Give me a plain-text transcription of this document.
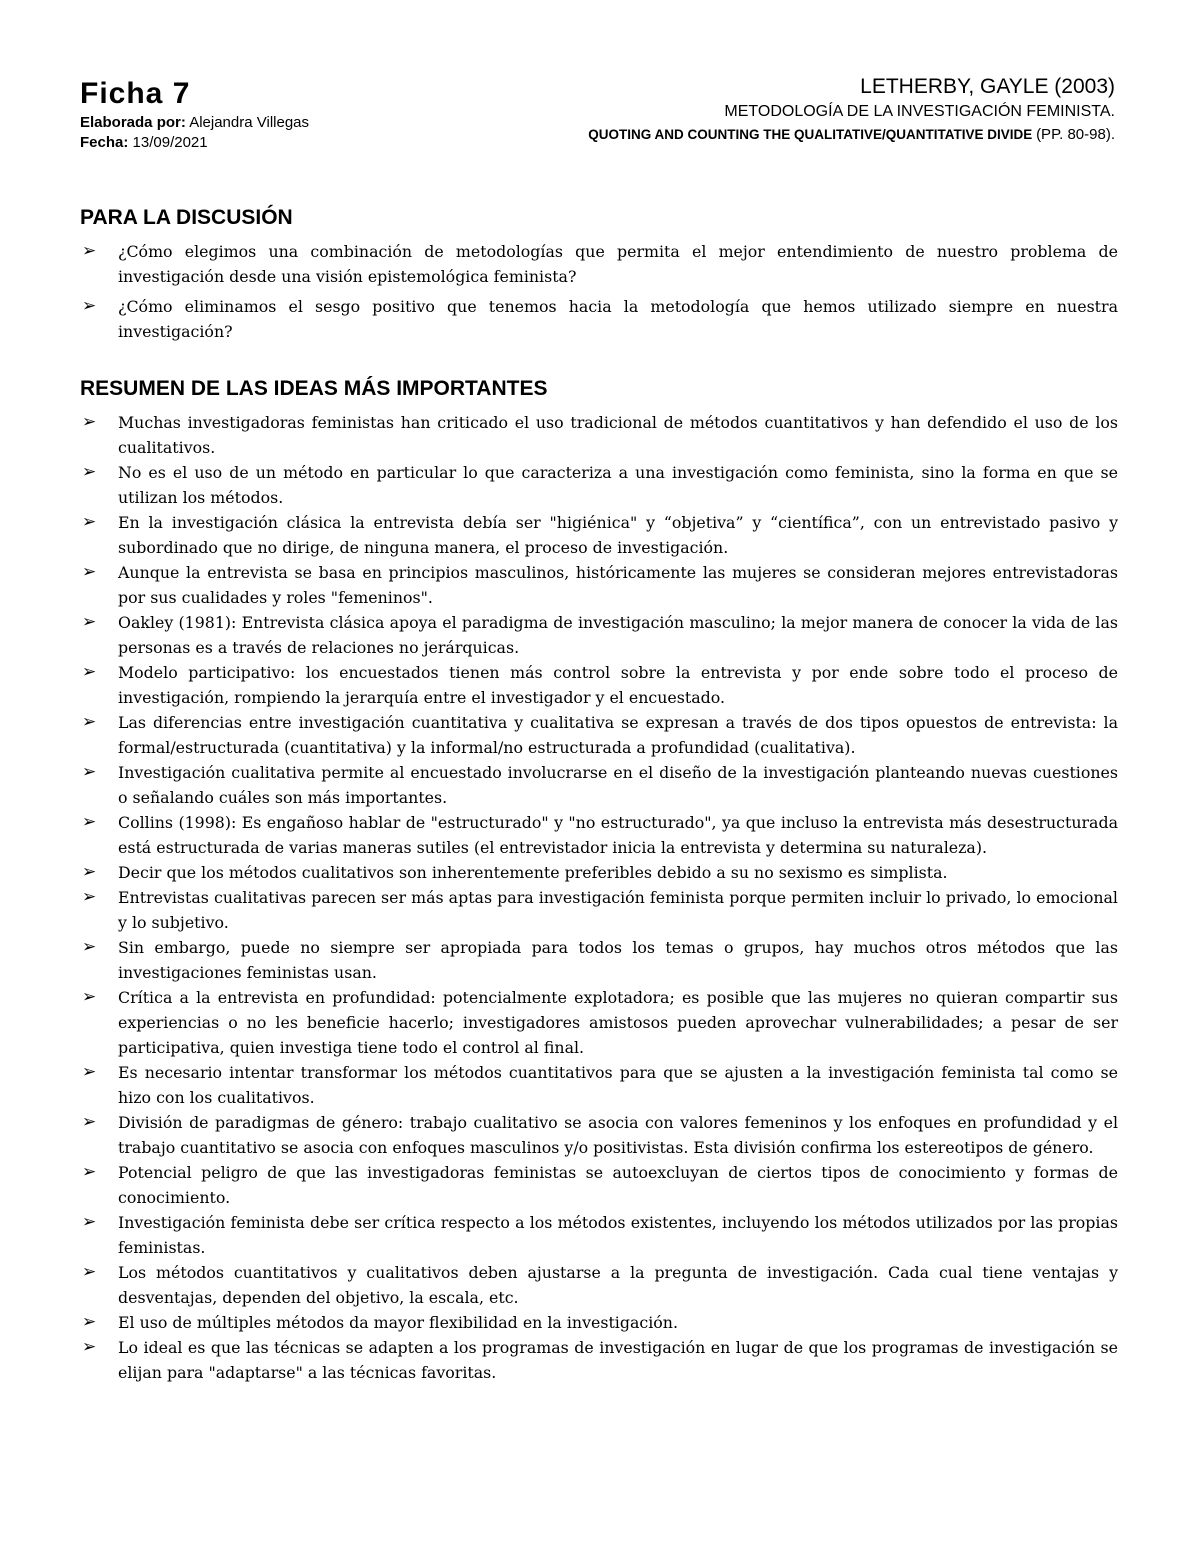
Ficha 7
Elaborada por: Alejandra Villegas
Fecha: 13/09/2021
LETHERBY, GAYLE (2003)
METODOLOGÍA DE LA INVESTIGACIÓN FEMINISTA.
QUOTING AND COUNTING THE QUALITATIVE/QUANTITATIVE DIVIDE (PP. 80-98).
PARA LA DISCUSIÓN
➢ ¿Cómo elegimos una combinación de metodologías que permita el mejor entendimiento de nuestro problema de investigación desde una visión epistemológica feminista?
➢ ¿Cómo eliminamos el sesgo positivo que tenemos hacia la metodología que hemos utilizado siempre en nuestra investigación?
RESUMEN DE LAS IDEAS MÁS IMPORTANTES
➢ Muchas investigadoras feministas han criticado el uso tradicional de métodos cuantitativos y han defendido el uso de los cualitativos.
➢ No es el uso de un método en particular lo que caracteriza a una investigación como feminista, sino la forma en que se utilizan los métodos.
➢ En la investigación clásica la entrevista debía ser "higiénica" y “objetiva” y “científica”, con un entrevistado pasivo y subordinado que no dirige, de ninguna manera, el proceso de investigación.
➢ Aunque la entrevista se basa en principios masculinos, históricamente las mujeres se consideran mejores entrevistadoras por sus cualidades y roles "femeninos".
➢ Oakley (1981): Entrevista clásica apoya el paradigma de investigación masculino; la mejor manera de conocer la vida de las personas es a través de relaciones no jerárquicas.
➢ Modelo participativo: los encuestados tienen más control sobre la entrevista y por ende sobre todo el proceso de investigación, rompiendo la jerarquía entre el investigador y el encuestado.
➢ Las diferencias entre investigación cuantitativa y cualitativa se expresan a través de dos tipos opuestos de entrevista: la formal/estructurada (cuantitativa) y la informal/no estructurada a profundidad (cualitativa).
➢ Investigación cualitativa permite al encuestado involucrarse en el diseño de la investigación planteando nuevas cuestiones o señalando cuáles son más importantes.
➢ Collins (1998): Es engañoso hablar de "estructurado" y "no estructurado", ya que incluso la entrevista más desestructurada está estructurada de varias maneras sutiles (el entrevistador inicia la entrevista y determina su naturaleza).
➢ Decir que los métodos cualitativos son inherentemente preferibles debido a su no sexismo es simplista.
➢ Entrevistas cualitativas parecen ser más aptas para investigación feminista porque permiten incluir lo privado, lo emocional y lo subjetivo.
➢ Sin embargo, puede no siempre ser apropiada para todos los temas o grupos, hay muchos otros métodos que las investigaciones feministas usan.
➢ Crítica a la entrevista en profundidad: potencialmente explotadora; es posible que las mujeres no quieran compartir sus experiencias o no les beneficie hacerlo; investigadores amistosos pueden aprovechar vulnerabilidades; a pesar de ser participativa, quien investiga tiene todo el control al final.
➢ Es necesario intentar transformar los métodos cuantitativos para que se ajusten a la investigación feminista tal como se hizo con los cualitativos.
➢ División de paradigmas de género: trabajo cualitativo se asocia con valores femeninos y los enfoques en profundidad y el trabajo cuantitativo se asocia con enfoques masculinos y/o positivistas. Esta división confirma los estereotipos de género.
➢ Potencial peligro de que las investigadoras feministas se autoexcluyan de ciertos tipos de conocimiento y formas de conocimiento.
➢ Investigación feminista debe ser crítica respecto a los métodos existentes, incluyendo los métodos utilizados por las propias feministas.
➢ Los métodos cuantitativos y cualitativos deben ajustarse a la pregunta de investigación. Cada cual tiene ventajas y desventajas, dependen del objetivo, la escala, etc.
➢ El uso de múltiples métodos da mayor flexibilidad en la investigación.
➢ Lo ideal es que las técnicas se adapten a los programas de investigación en lugar de que los programas de investigación se elijan para "adaptarse" a las técnicas favoritas.
